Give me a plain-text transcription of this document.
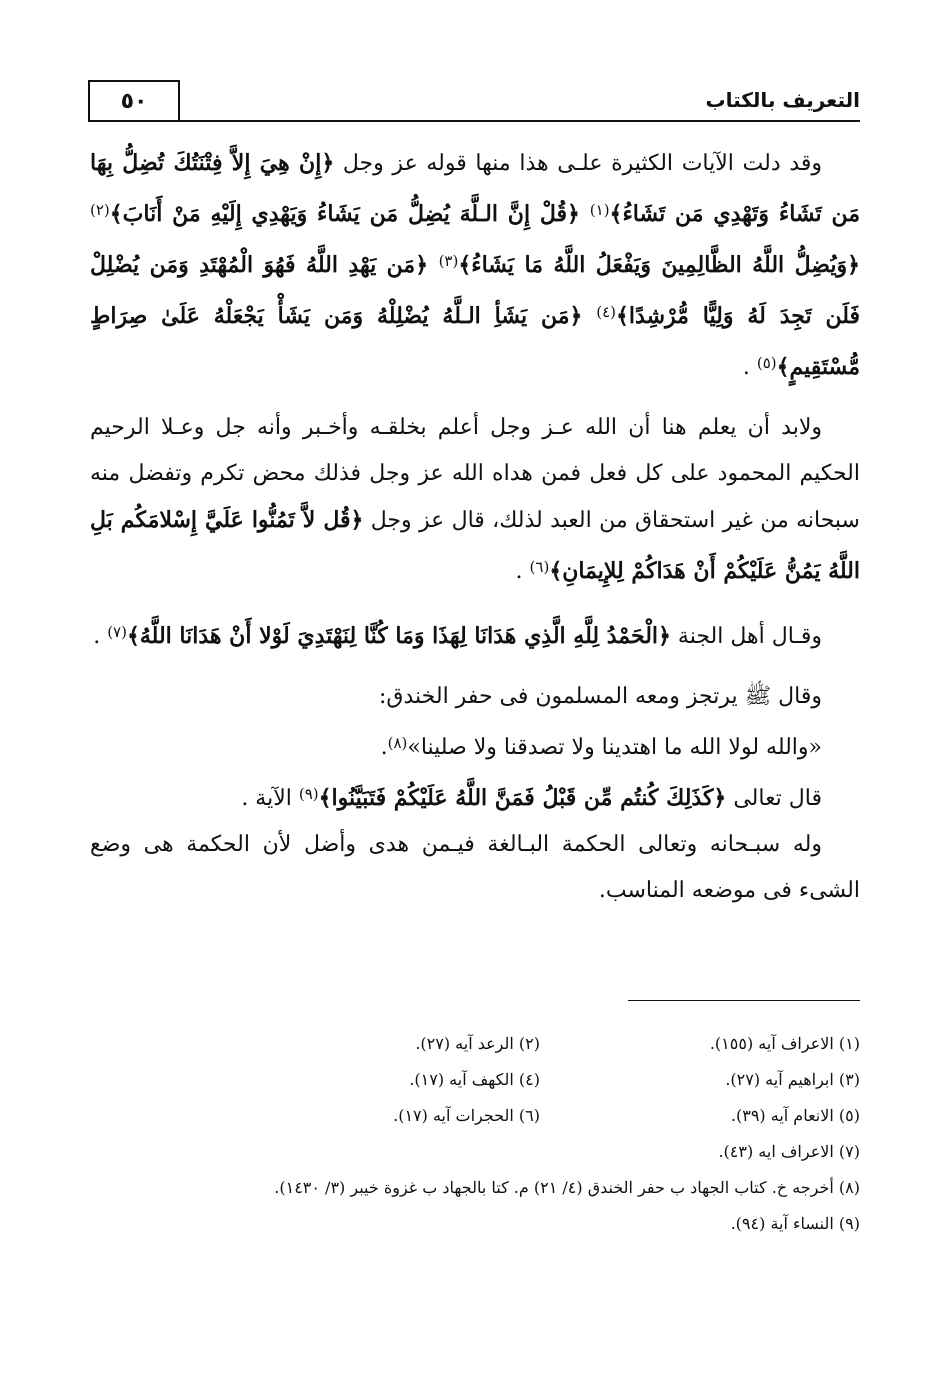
التعريف بالكتاب
٥٠

وقد دلت الآيات الكثيرة علـى هذا منها قوله عز وجل ﴿إِنْ هِيَ إِلاَّ فِتْنَتُكَ تُضِلُّ بِهَا مَن تَشَاءُ وَتَهْدِي مَن تَشَاءُ﴾$^{(١)}$ ﴿قُلْ إِنَّ الـلَّهَ يُضِلُّ مَن يَشَاءُ وَيَهْدِي إِلَيْهِ مَنْ أَنَابَ﴾$^{(٢)}$ ﴿وَيُضِلُّ اللَّهُ الظَّالِمِينَ وَيَفْعَلُ اللَّهُ مَا يَشَاءُ﴾$^{(٣)}$ ﴿مَن يَهْدِ اللَّهُ فَهُوَ الْمُهْتَدِ وَمَن يُضْلِلْ فَلَن تَجِدَ لَهُ وَلِيًّا مُّرْشِدًا﴾$^{(٤)}$ ﴿مَن يَشَأِ الـلَّهُ يُضْلِلْهُ وَمَن يَشَأْ يَجْعَلْهُ عَلَىٰ صِرَاطٍ مُّسْتَقِيمٍ﴾$^{(٥)}$ .

ولابد أن يعلم هنا أن الله عـز وجل أعلم بخلقـه وأخـبر وأنه جل وعـلا الرحيم الحكيم المحمود على كل فعل فمن هداه الله عز وجل فذلك محض تكرم وتفضل منه سبحانه من غير استحقاق من العبد لذلك، قال عز وجل ﴿قُل لاَّ تَمُنُّوا عَلَيَّ إِسْلامَكُم بَلِ اللَّهُ يَمُنُّ عَلَيْكُمْ أَنْ هَدَاكُمْ لِلإِيمَانِ﴾$^{(٦)}$ .

وقـال أهل الجنة ﴿الْحَمْدُ لِلَّهِ الَّذِي هَدَانَا لِهَذَا وَمَا كُنَّا لِنَهْتَدِيَ لَوْلا أَنْ هَدَانَا اللَّهُ﴾$^{(٧)}$ .

وقال ﷺ يرتجز ومعه المسلمون فى حفر الخندق:

«والله لولا الله ما اهتدينا ولا تصدقنا ولا صلينا»$^{(٨)}$.

قال تعالى ﴿كَذَلِكَ كُنتُم مِّن قَبْلُ فَمَنَّ اللَّهُ عَلَيْكُمْ فَتَبَيَّنُوا﴾$^{(٩)}$ الآية .

وله سبـحانه وتعالى الحكمة البـالغة فيـمن هدى وأضل لأن الحكمة هى وضع الشىء فى موضعه المناسب.

(١) الاعراف آيه (١٥٥).
(٢) الرعد آيه (٢٧).
(٣) ابراهيم آيه (٢٧).
(٤) الكهف آيه (١٧).
(٥) الانعام آيه (٣٩).
(٦) الحجرات آيه (١٧).
(٧) الاعراف ايه (٤٣).
(٨) أخرجه خ. كتاب الجهاد ب حفر الخندق (٤/ ٢١) م. كتا بالجهاد ب غزوة خيبر (٣/ ١٤٣٠).
(٩) النساء آية (٩٤).
